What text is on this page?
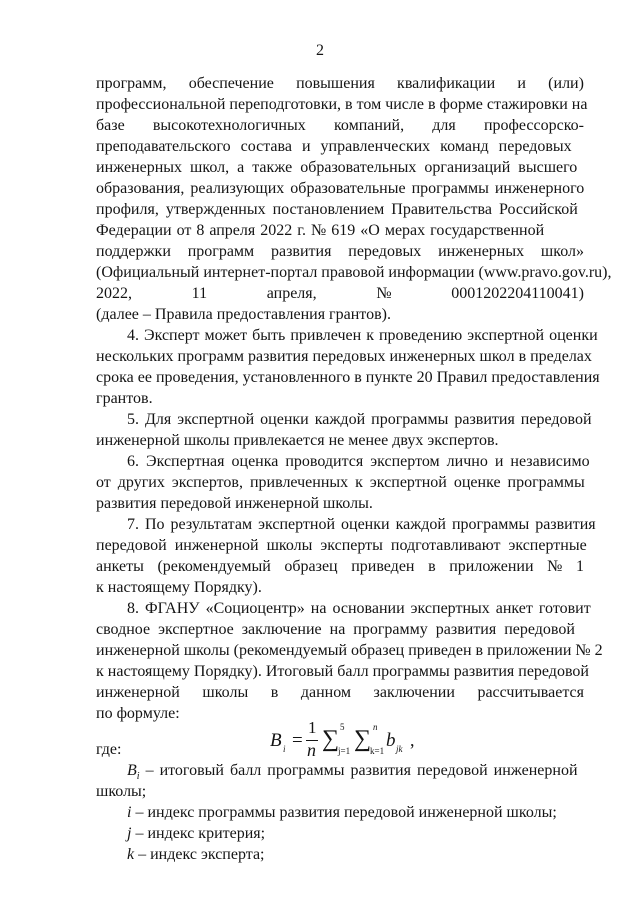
2
программ, обеспечение повышения квалификации и (или)
профессиональной переподготовки, в том числе в форме стажировки на
базе высокотехнологичных компаний, для профессорско-
преподавательского состава и управленческих команд передовых
инженерных школ, а также образовательных организаций высшего
образования, реализующих образовательные программы инженерного
профиля, утвержденных постановлением Правительства Российской
Федерации от 8 апреля 2022 г. № 619 «О мерах государственной
поддержки программ развития передовых инженерных школ»
(Официальный интернет-портал правовой информации (www.pravo.gov.ru),
2022,	11	апреля,	№	0001202204110041)
(далее – Правила предоставления грантов).
4. Эксперт может быть привлечен к проведению экспертной оценки
нескольких программ развития передовых инженерных школ в пределах
срока ее проведения, установленного в пункте 20 Правил предоставления
грантов.
5. Для экспертной оценки каждой программы развития передовой
инженерной школы привлекается не менее двух экспертов.
6. Экспертная оценка проводится экспертом лично и независимо
от других экспертов, привлеченных к экспертной оценке программы
развития передовой инженерной школы.
7. По результатам экспертной оценки каждой программы развития
передовой инженерной школы эксперты подготавливают экспертные
анкеты (рекомендуемый образец приведен в приложении № 1
к настоящему Порядку).
8. ФГАНУ «Социоцентр» на основании экспертных анкет готовит
сводное экспертное заключение на программу развития передовой
инженерной школы (рекомендуемый образец приведен в приложении № 2
к настоящему Порядку). Итоговый балл программы развития передовой
инженерной школы в данном заключении рассчитывается
по формуле:
B i =
1
n ∑ 5
j=1 ∑ n
k=1 b jk ,
где:
$B_i$ – итоговый балл программы развития передовой инженерной
школы;
i – индекс программы развития передовой инженерной школы;
j – индекс критерия;
k – индекс эксперта;
